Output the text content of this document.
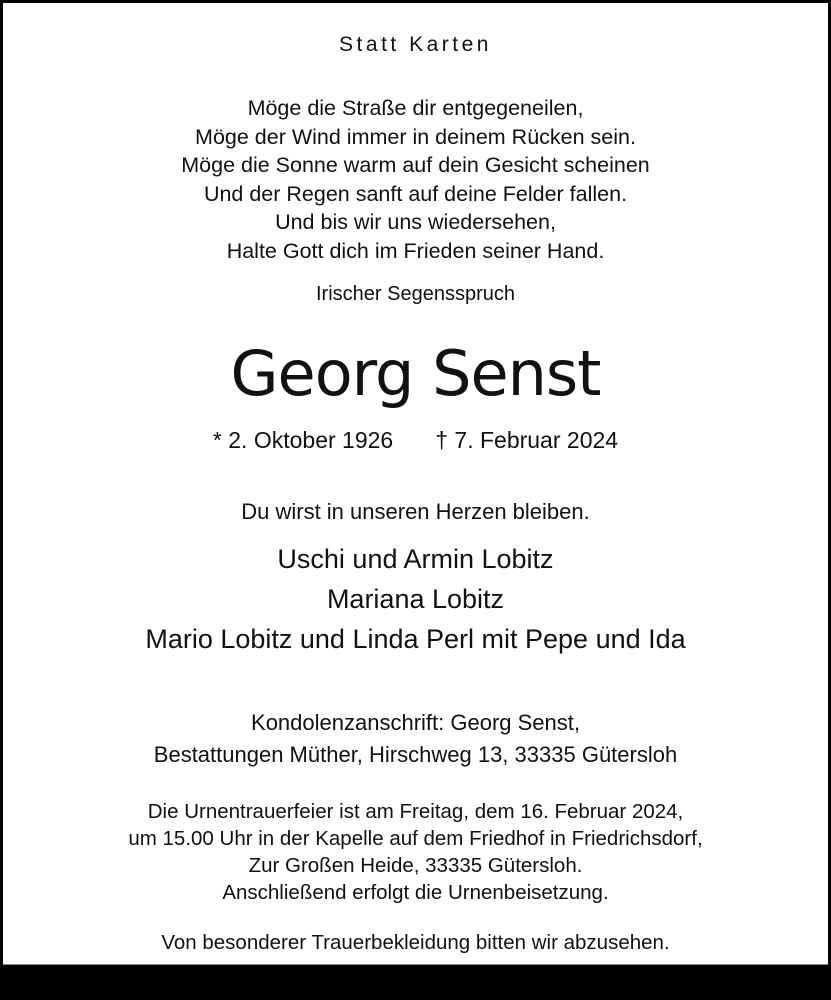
Statt Karten
Möge die Straße dir entgegeneilen,
Möge der Wind immer in deinem Rücken sein.
Möge die Sonne warm auf dein Gesicht scheinen
Und der Regen sanft auf deine Felder fallen.
Und bis wir uns wiedersehen,
Halte Gott dich im Frieden seiner Hand.
Irischer Segensspruch
Georg Senst
* 2. Oktober 1926 † 7. Februar 2024
Du wirst in unseren Herzen bleiben.
Uschi und Armin Lobitz
Mariana Lobitz
Mario Lobitz und Linda Perl mit Pepe und Ida
Kondolenzanschrift: Georg Senst,
Bestattungen Müther, Hirschweg 13, 33335 Gütersloh
Die Urnentrauerfeier ist am Freitag, dem 16. Februar 2024,
um 15.00 Uhr in der Kapelle auf dem Friedhof in Friedrichsdorf,
Zur Großen Heide, 33335 Gütersloh.
Anschließend erfolgt die Urnenbeisetzung.
Von besonderer Trauerbekleidung bitten wir abzusehen.
